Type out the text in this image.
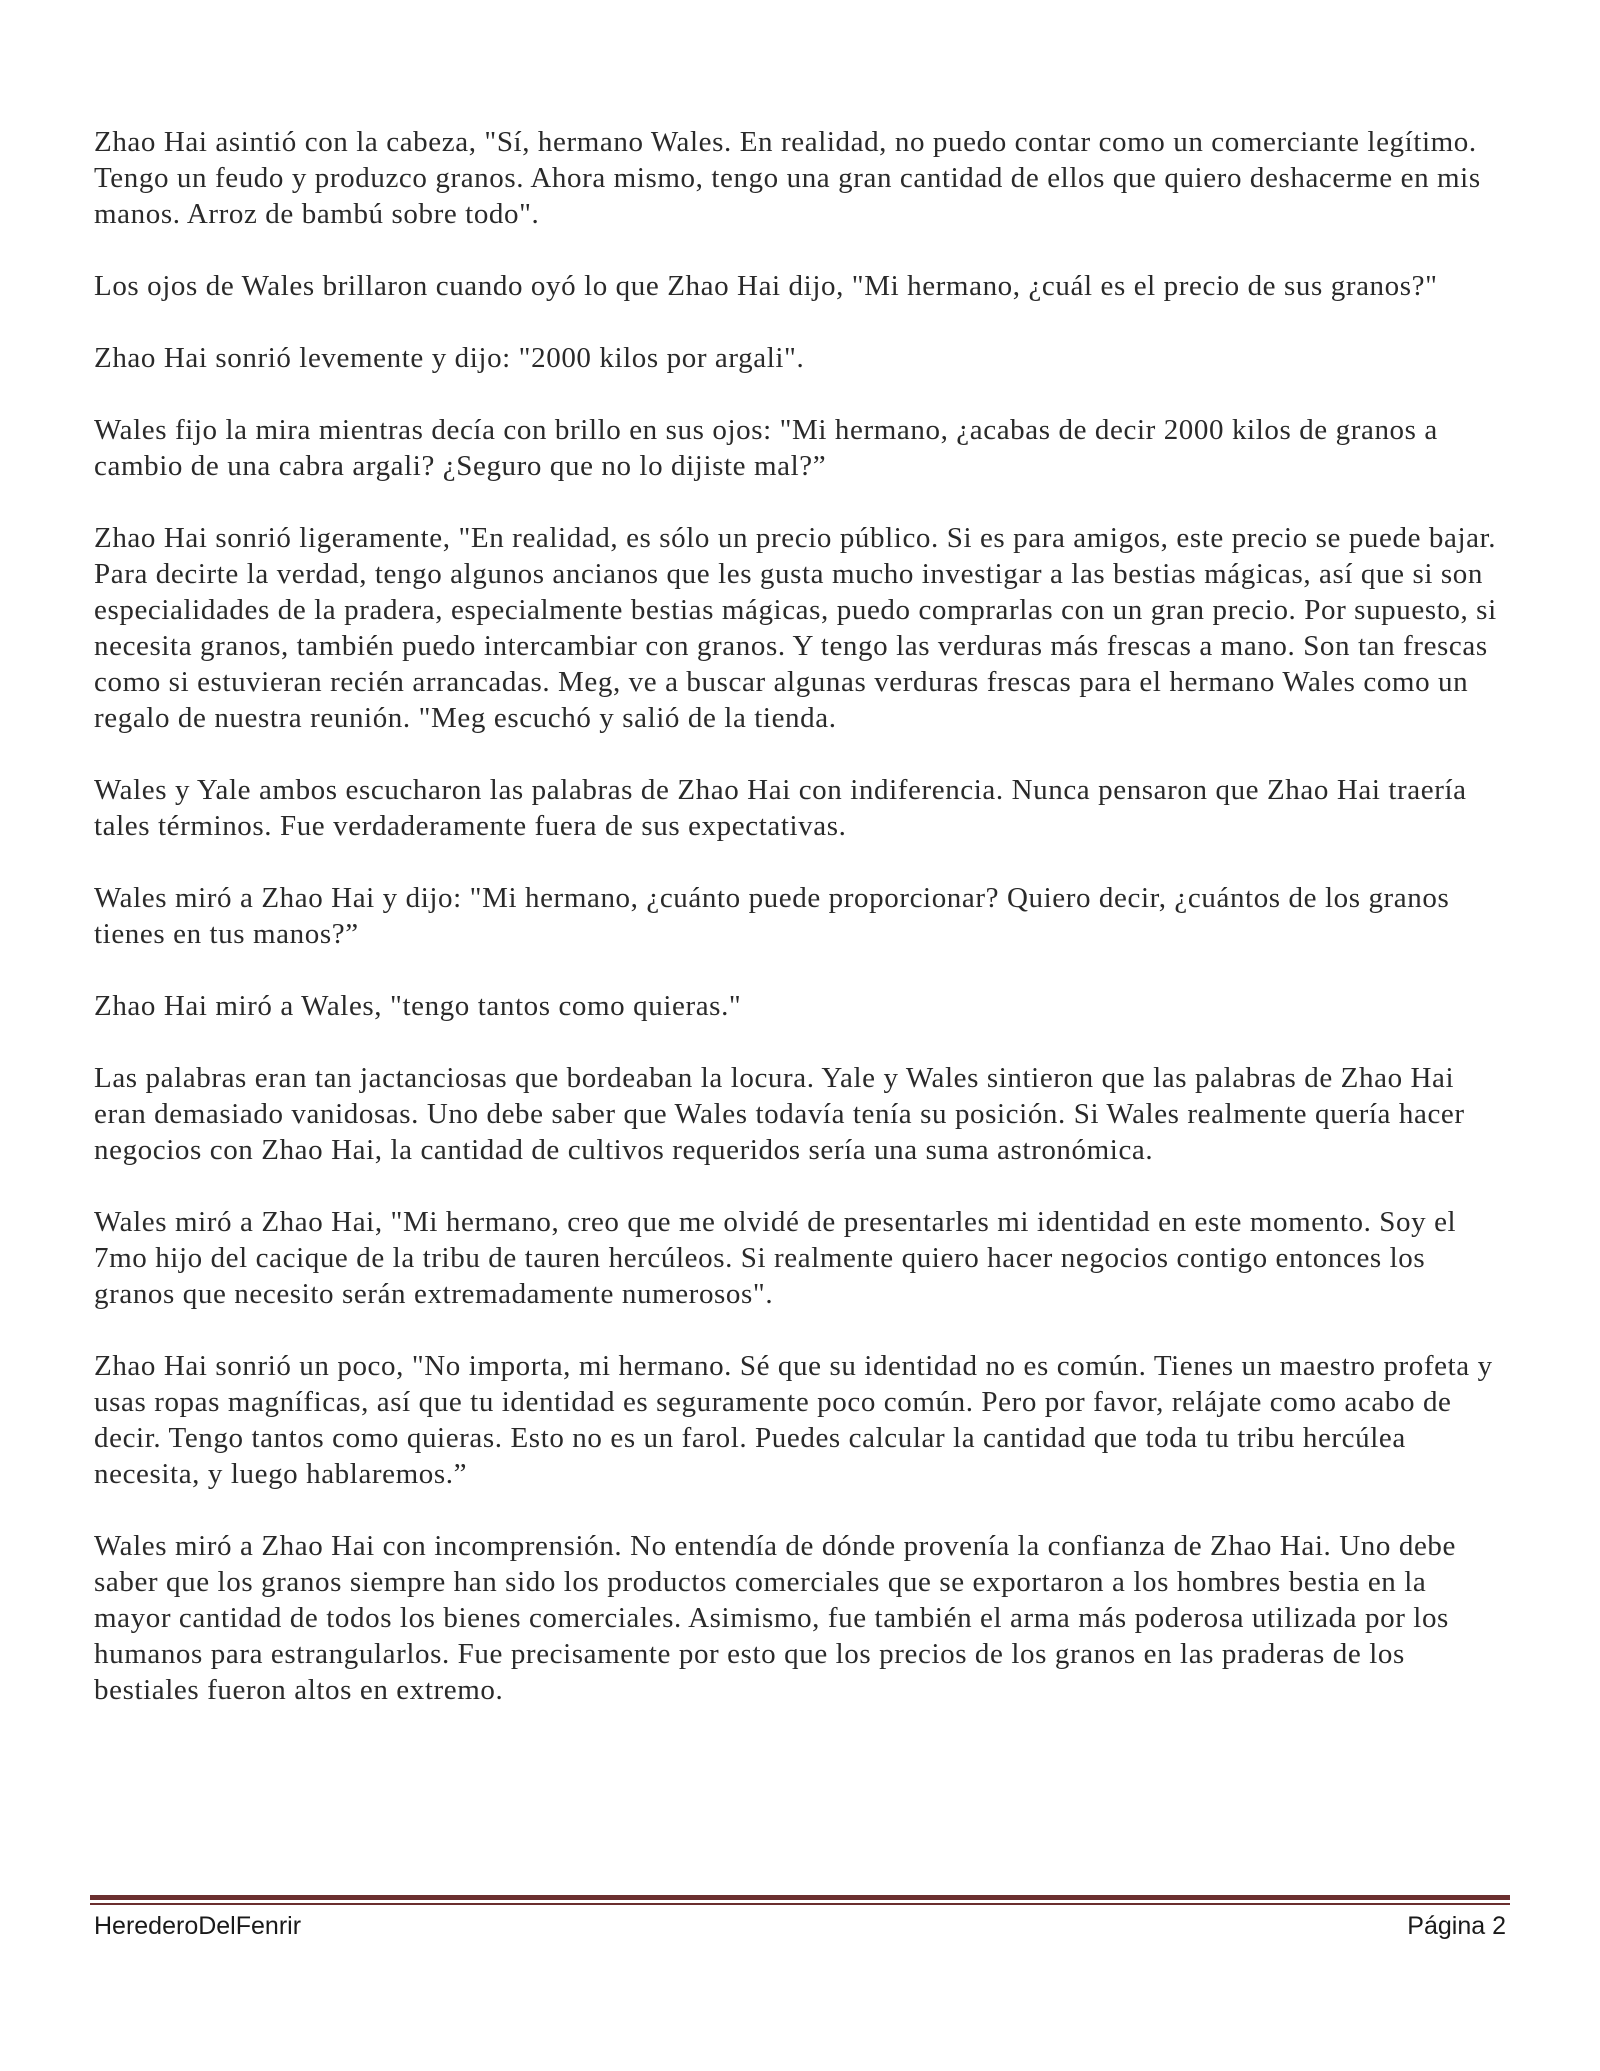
Zhao Hai asintió con la cabeza, "Sí, hermano Wales. En realidad, no puedo contar como un comerciante legítimo. Tengo un feudo y produzco granos. Ahora mismo, tengo una gran cantidad de ellos que quiero deshacerme en mis manos. Arroz de bambú sobre todo".

Los ojos de Wales brillaron cuando oyó lo que Zhao Hai dijo, "Mi hermano, ¿cuál es el precio de sus granos?"

Zhao Hai sonrió levemente y dijo: "2000 kilos por argali".

Wales fijo la mira mientras decía con brillo en sus ojos: "Mi hermano, ¿acabas de decir 2000 kilos de granos a cambio de una cabra argali? ¿Seguro que no lo dijiste mal?”

Zhao Hai sonrió ligeramente, "En realidad, es sólo un precio público. Si es para amigos, este precio se puede bajar. Para decirte la verdad, tengo algunos ancianos que les gusta mucho investigar a las bestias mágicas, así que si son especialidades de la pradera, especialmente bestias mágicas, puedo comprarlas con un gran precio. Por supuesto, si necesita granos, también puedo intercambiar con granos. Y tengo las verduras más frescas a mano. Son tan frescas como si estuvieran recién arrancadas. Meg, ve a buscar algunas verduras frescas para el hermano Wales como un regalo de nuestra reunión. "Meg escuchó y salió de la tienda.

Wales y Yale ambos escucharon las palabras de Zhao Hai con indiferencia. Nunca pensaron que Zhao Hai traería tales términos. Fue verdaderamente fuera de sus expectativas.

Wales miró a Zhao Hai y dijo: "Mi hermano, ¿cuánto puede proporcionar? Quiero decir, ¿cuántos de los granos tienes en tus manos?”

Zhao Hai miró a Wales, "tengo tantos como quieras."

Las palabras eran tan jactanciosas que bordeaban la locura. Yale y Wales sintieron que las palabras de Zhao Hai eran demasiado vanidosas. Uno debe saber que Wales todavía tenía su posición. Si Wales realmente quería hacer negocios con Zhao Hai, la cantidad de cultivos requeridos sería una suma astronómica.

Wales miró a Zhao Hai, "Mi hermano, creo que me olvidé de presentarles mi identidad en este momento. Soy el 7mo hijo del cacique de la tribu de tauren hercúleos. Si realmente quiero hacer negocios contigo entonces los granos que necesito serán extremadamente numerosos".

Zhao Hai sonrió un poco, "No importa, mi hermano. Sé que su identidad no es común. Tienes un maestro profeta y usas ropas magníficas, así que tu identidad es seguramente poco común. Pero por favor, relájate como acabo de decir. Tengo tantos como quieras. Esto no es un farol. Puedes calcular la cantidad que toda tu tribu hercúlea necesita, y luego hablaremos.”

Wales miró a Zhao Hai con incomprensión. No entendía de dónde provenía la confianza de Zhao Hai. Uno debe saber que los granos siempre han sido los productos comerciales que se exportaron a los hombres bestia en la mayor cantidad de todos los bienes comerciales. Asimismo, fue también el arma más poderosa utilizada por los humanos para estrangularlos. Fue precisamente por esto que los precios de los granos en las praderas de los bestiales fueron altos en extremo.

HerederoDelFenrir	Página 2
